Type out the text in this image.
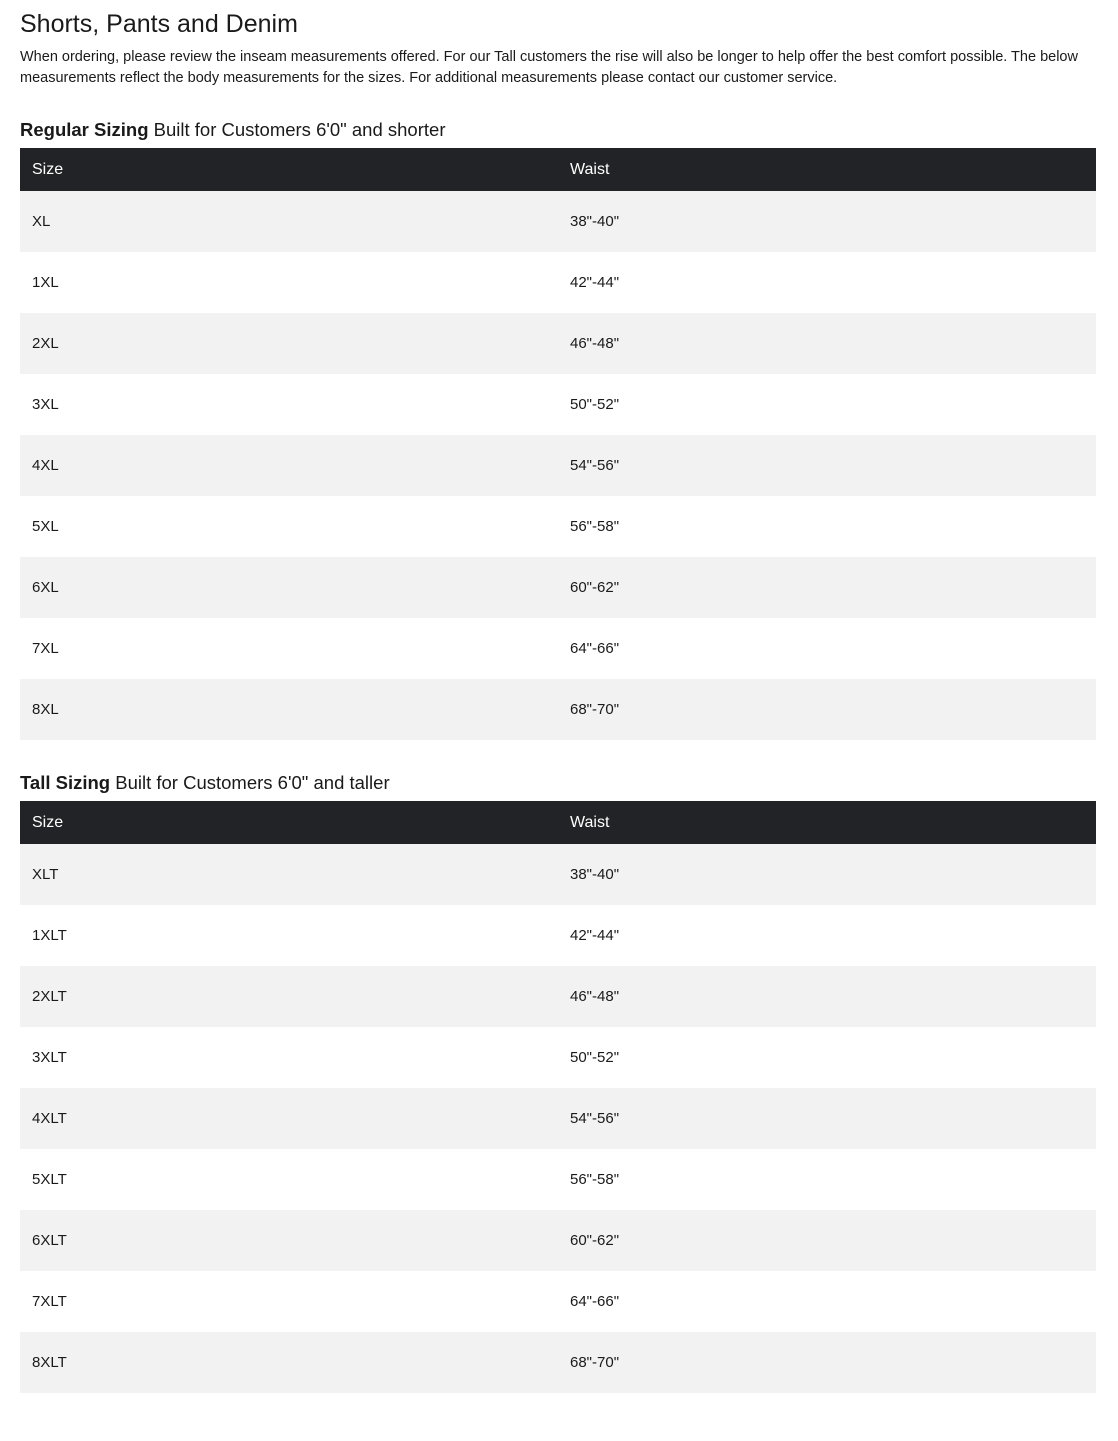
Shorts, Pants and Denim

When ordering, please review the inseam measurements offered. For our Tall customers the rise will also be longer to help offer the best comfort possible. The below measurements reflect the body measurements for the sizes. For additional measurements please contact our customer service.

Regular Sizing Built for Customers 6'0" and shorter
Size	Waist
XL	38"-40"
1XL	42"-44"
2XL	46"-48"
3XL	50"-52"
4XL	54"-56"
5XL	56"-58"
6XL	60"-62"
7XL	64"-66"
8XL	68"-70"
Tall Sizing Built for Customers 6'0" and taller
Size	Waist
XLT	38"-40"
1XLT	42"-44"
2XLT	46"-48"
3XLT	50"-52"
4XLT	54"-56"
5XLT	56"-58"
6XLT	60"-62"
7XLT	64"-66"
8XLT	68"-70"
